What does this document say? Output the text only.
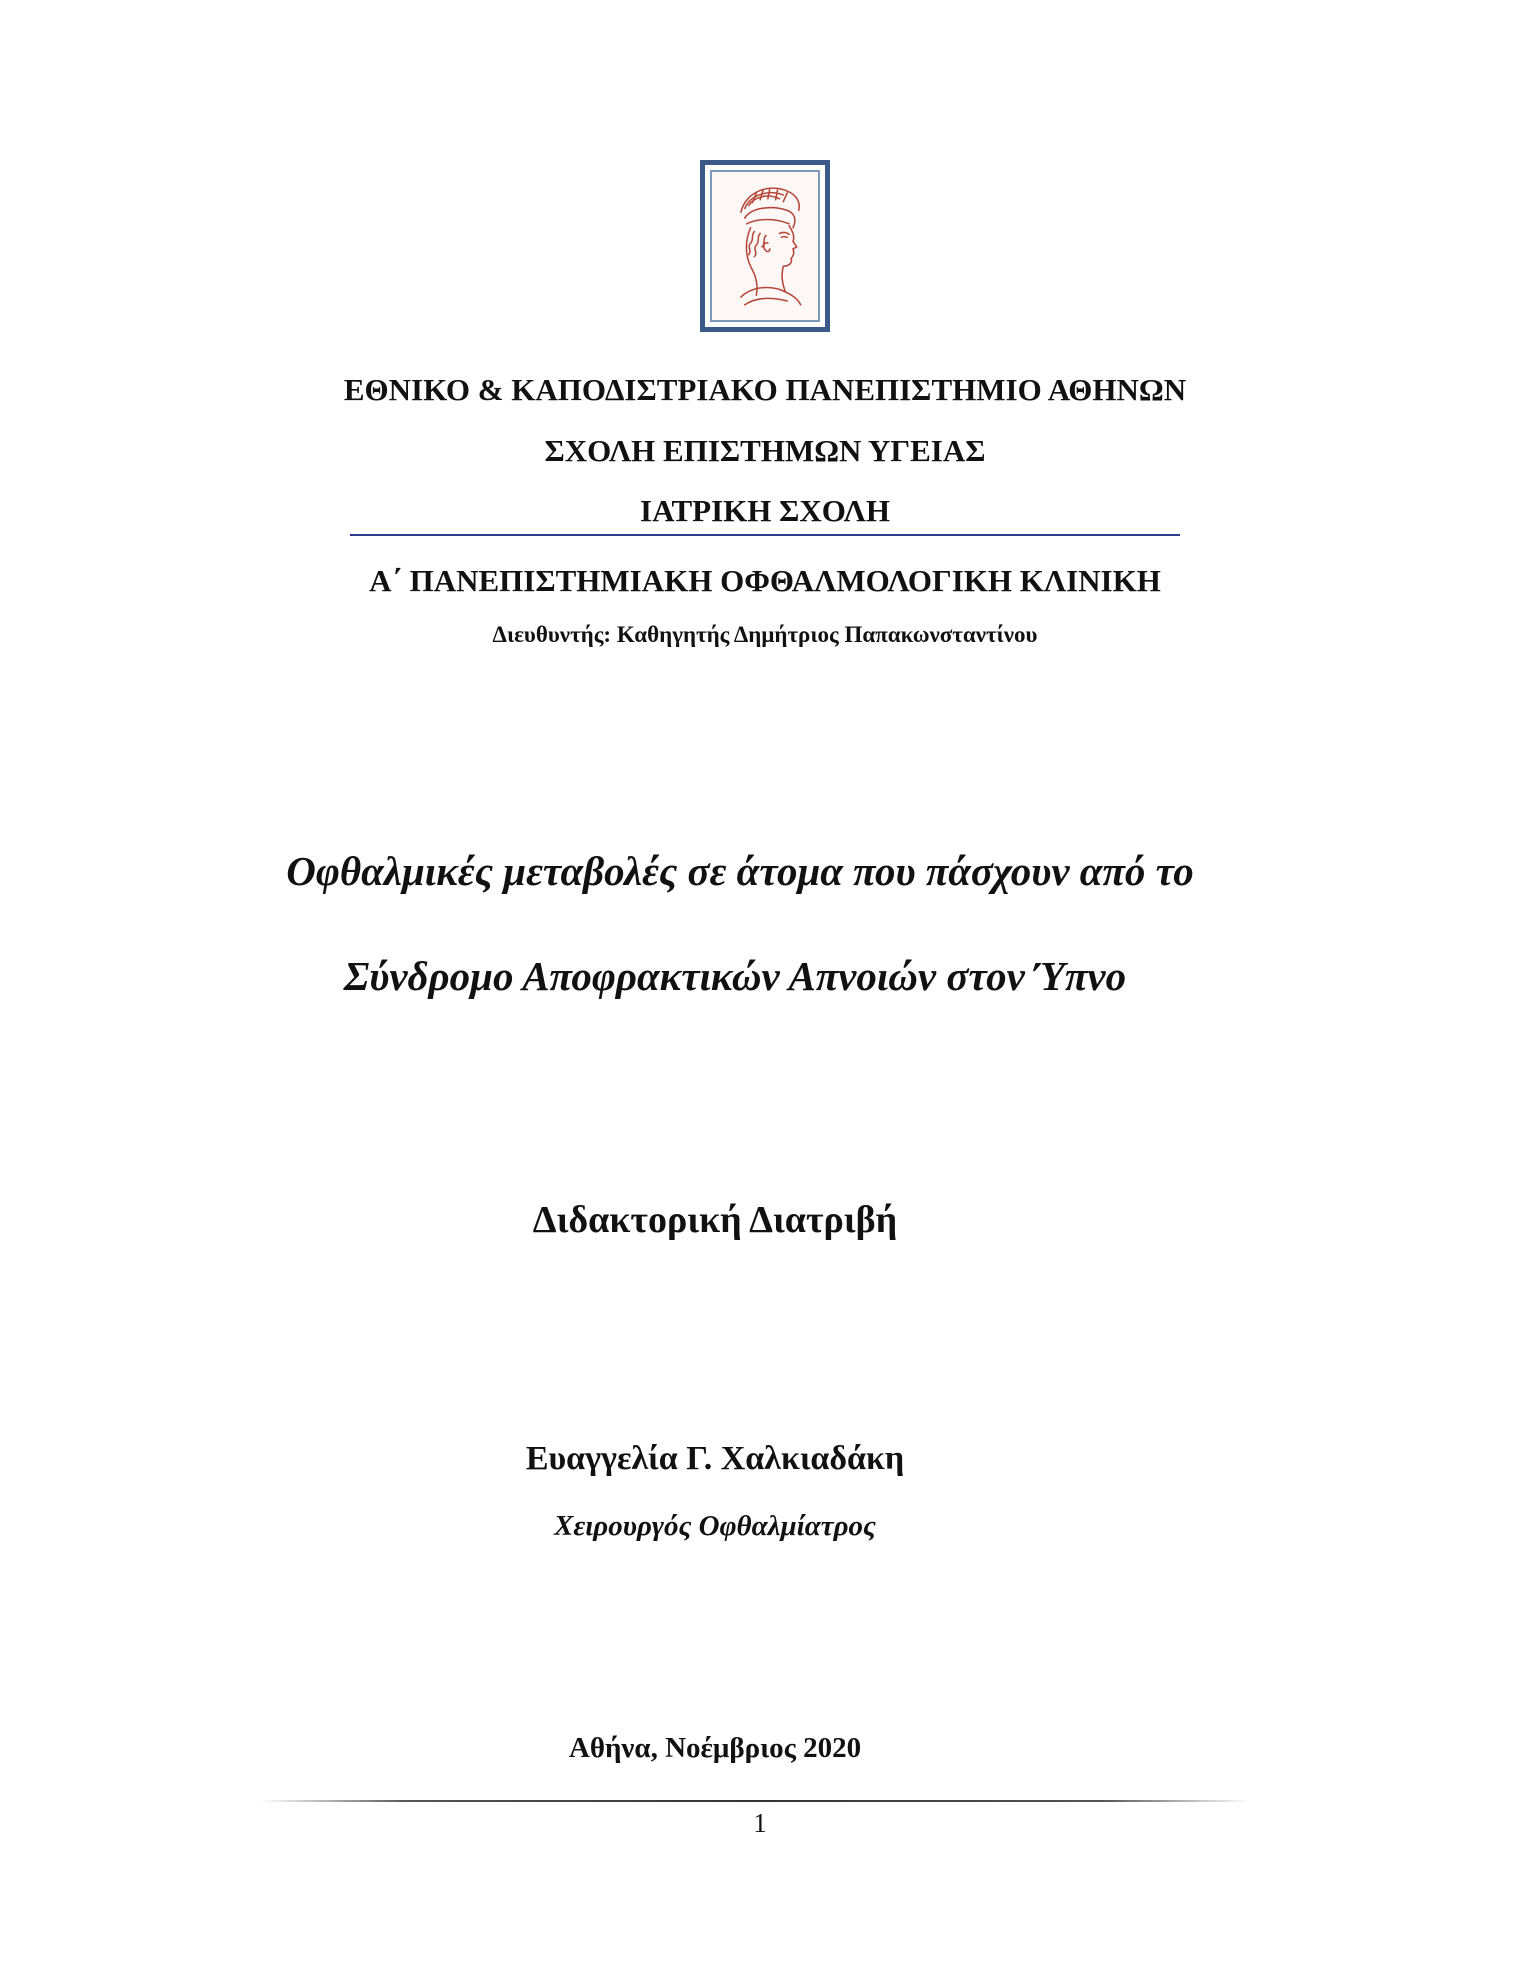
ΕΘΝΙΚΟ & ΚΑΠΟΔΙΣΤΡΙΑΚΟ ΠΑΝΕΠΙΣΤΗΜΙΟ ΑΘΗΝΩΝ
ΣΧΟΛΗ ΕΠΙΣΤΗΜΩΝ ΥΓΕΙΑΣ
ΙΑΤΡΙΚΗ ΣΧΟΛΗ
Α΄ ΠΑΝΕΠΙΣΤΗΜΙΑΚΗ ΟΦΘΑΛΜΟΛΟΓΙΚΗ ΚΛΙΝΙΚΗ
Διευθυντής: Καθηγητής Δημήτριος Παπακωνσταντίνου
Οφθαλμικές μεταβολές σε άτομα που πάσχουν από το
Σύνδρομο Αποφρακτικών Απνοιών στον Ύπνο
Διδακτορική Διατριβή
Ευαγγελία Γ. Χαλκιαδάκη
Χειρουργός Οφθαλμίατρος
Αθήνα, Νοέμβριος 2020
1
